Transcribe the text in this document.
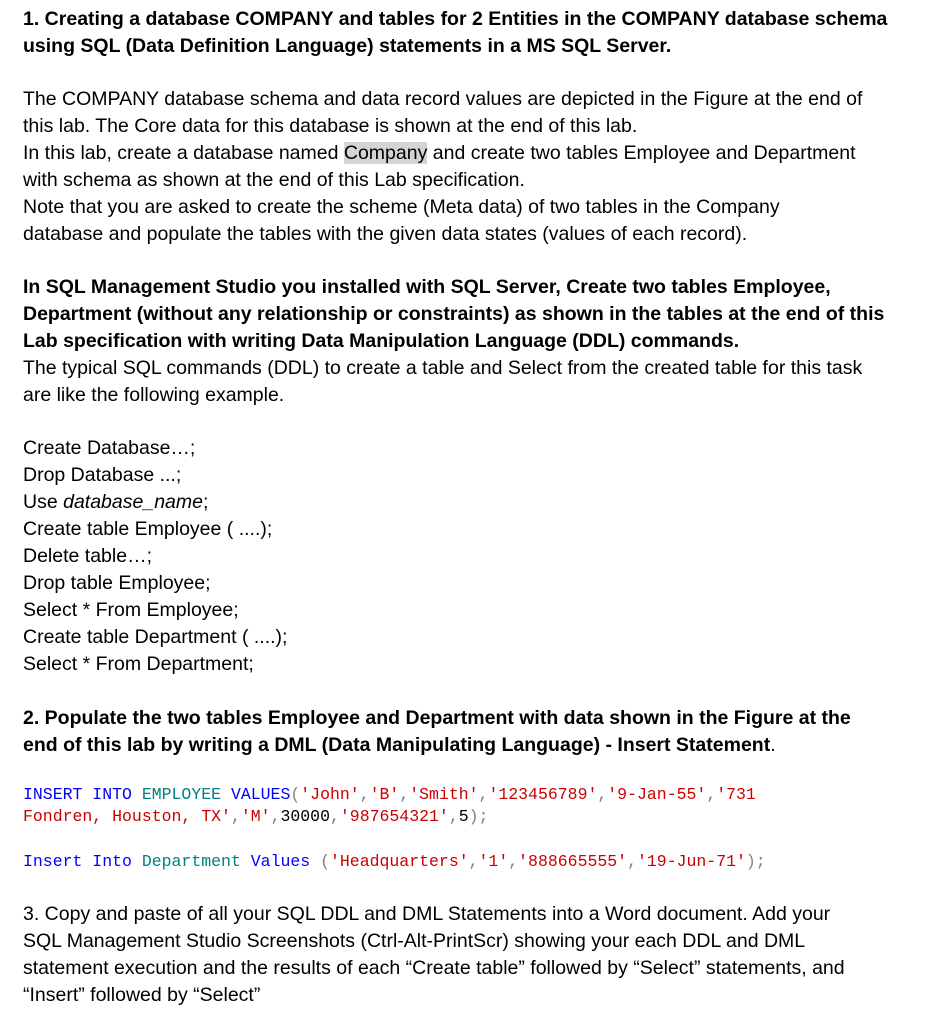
1. Creating a database COMPANY and tables for 2 Entities in the COMPANY database schema
using SQL (Data Definition Language) statements in a MS SQL Server.
The COMPANY database schema and data record values are depicted in the Figure at the end of
this lab. The Core data for this database is shown at the end of this lab.
In this lab, create a database named Company and create two tables Employee and Department
with schema as shown at the end of this Lab specification.
Note that you are asked to create the scheme (Meta data) of two tables in the Company
database and populate the tables with the given data states (values of each record).
In SQL Management Studio you installed with SQL Server, Create two tables Employee,
Department (without any relationship or constraints) as shown in the tables at the end of this
Lab specification with writing Data Manipulation Language (DDL) commands.
The typical SQL commands (DDL) to create a table and Select from the created table for this task
are like the following example.
Create Database…;
Drop Database ...;
Use database_name;
Create table Employee ( ....);
Delete table…;
Drop table Employee;
Select * From Employee;
Create table Department ( ....);
Select * From Department;
2. Populate the two tables Employee and Department with data shown in the Figure at the
end of this lab by writing a DML (Data Manipulating Language) - Insert Statement.
INSERT INTO EMPLOYEE VALUES('John','B','Smith','123456789','9-Jan-55','731
Fondren, Houston, TX','M',30000,'987654321',5);
Insert Into Department Values ('Headquarters','1','888665555','19-Jun-71');
3. Copy and paste of all your SQL DDL and DML Statements into a Word document. Add your
SQL Management Studio Screenshots (Ctrl-Alt-PrintScr) showing your each DDL and DML
statement execution and the results of each “Create table” followed by “Select” statements, and
“Insert” followed by “Select”
